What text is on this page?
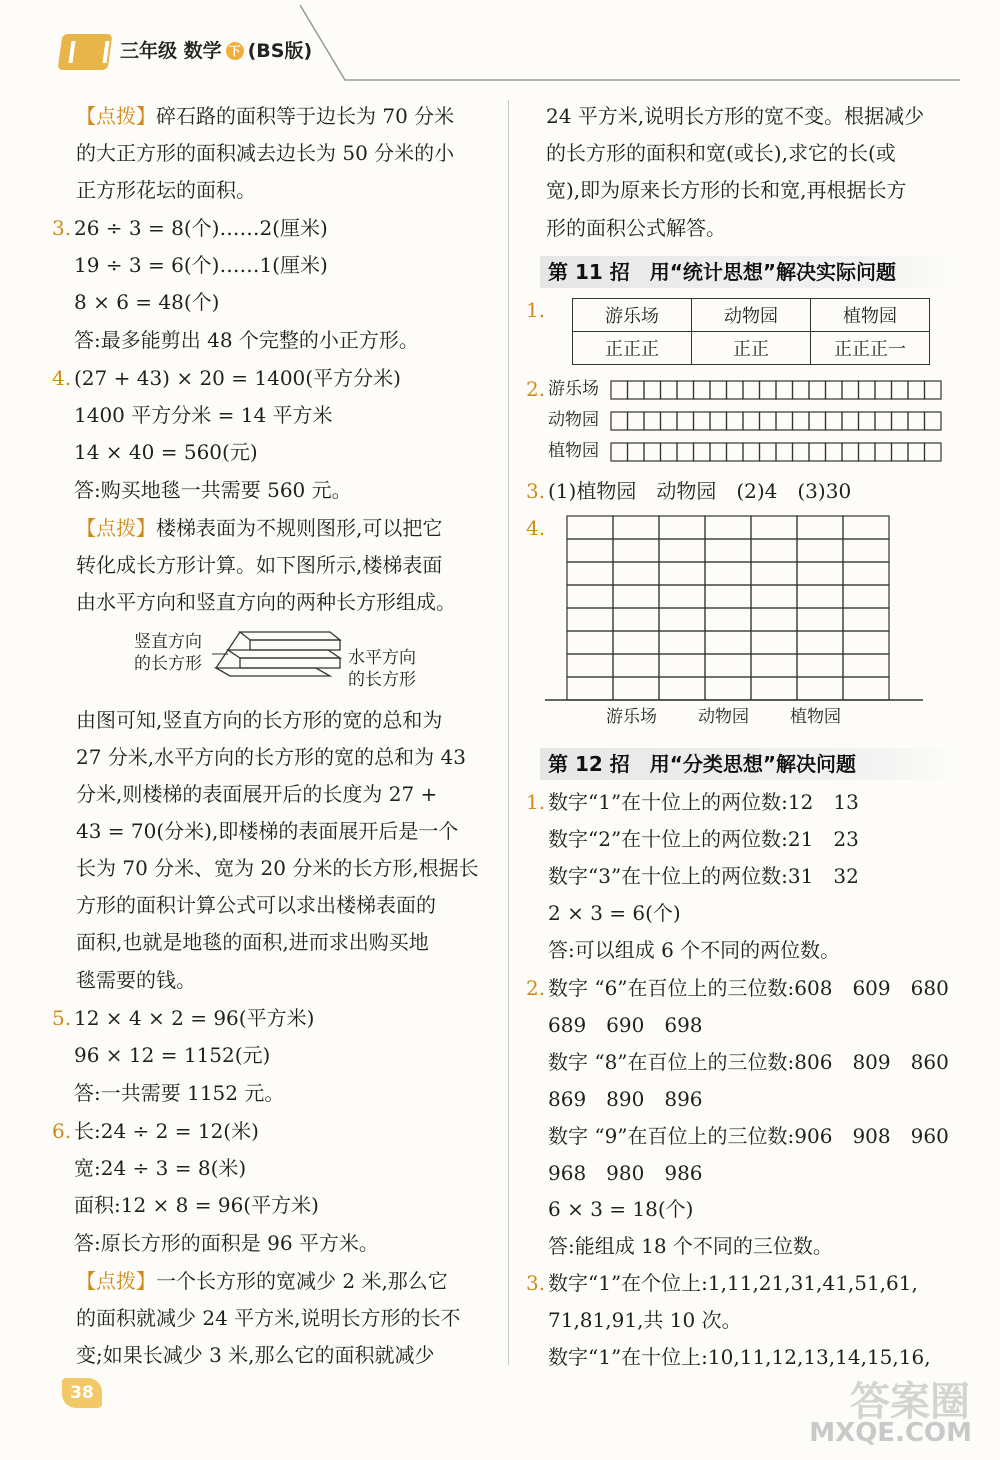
三年级 数学 下 (BS版)
【点拨】碎石路的面积等于边长为 70 分米
的大正方形的面积减去边长为 50 分米的小
正方形花坛的面积。
3. 26 ÷ 3 = 8(个)……2(厘米)
19 ÷ 3 = 6(个)……1(厘米)
8 × 6 = 48(个)
答:最多能剪出 48 个完整的小正方形。
4. (27 + 43) × 20 = 1400(平方分米)
1400 平方分米 = 14 平方米
14 × 40 = 560(元)
答:购买地毯一共需要 560 元。
【点拨】楼梯表面为不规则图形,可以把它
转化成长方形计算。如下图所示,楼梯表面
由水平方向和竖直方向的两种长方形组成。
竖直方向
的长方形	水平方向
的长方形
由图可知,竖直方向的长方形的宽的总和为
27 分米,水平方向的长方形的宽的总和为 43
分米,则楼梯的表面展开后的长度为 27 +
43 = 70(分米),即楼梯的表面展开后是一个
长为 70 分米、宽为 20 分米的长方形,根据长
方形的面积计算公式可以求出楼梯表面的
面积,也就是地毯的面积,进而求出购买地
毯需要的钱。
5. 12 × 4 × 2 = 96(平方米)
96 × 12 = 1152(元)
答:一共需要 1152 元。
6. 长:24 ÷ 2 = 12(米)
宽:24 ÷ 3 = 8(米)
面积:12 × 8 = 96(平方米)
答:原长方形的面积是 96 平方米。
【点拨】一个长方形的宽减少 2 米,那么它
的面积就减少 24 平方米,说明长方形的长不
变;如果长减少 3 米,那么它的面积就减少
24 平方米,说明长方形的宽不变。根据减少
的长方形的面积和宽(或长),求它的长(或
宽),即为原来长方形的长和宽,再根据长方
形的面积公式解答。
第 11 招　用“统计思想”解决实际问题
1.	游乐场	动物园	植物园
正正正	正正	正正正一
2. 游乐场
动物园
植物园
3. (1)植物园　动物园　(2)4　(3)30
4.
游乐场 动物园 植物园
第 12 招　用“分类思想”解决问题
1. 数字“1”在十位上的两位数:12　13
数字“2”在十位上的两位数:21　23
数字“3”在十位上的两位数:31　32
2 × 3 = 6(个)
答:可以组成 6 个不同的两位数。
2. 数字 “6”在百位上的三位数:608　609　680
689　690　698
数字 “8”在百位上的三位数:806　809　860
869　890　896
数字 “9”在百位上的三位数:906　908　960
968　980　986
6 × 3 = 18(个)
答:能组成 18 个不同的三位数。
3. 数字“1”在个位上:1,11,21,31,41,51,61,
71,81,91,共 10 次。
数字“1”在十位上:10,11,12,13,14,15,16,
38	答案圈
MXQE.COM
